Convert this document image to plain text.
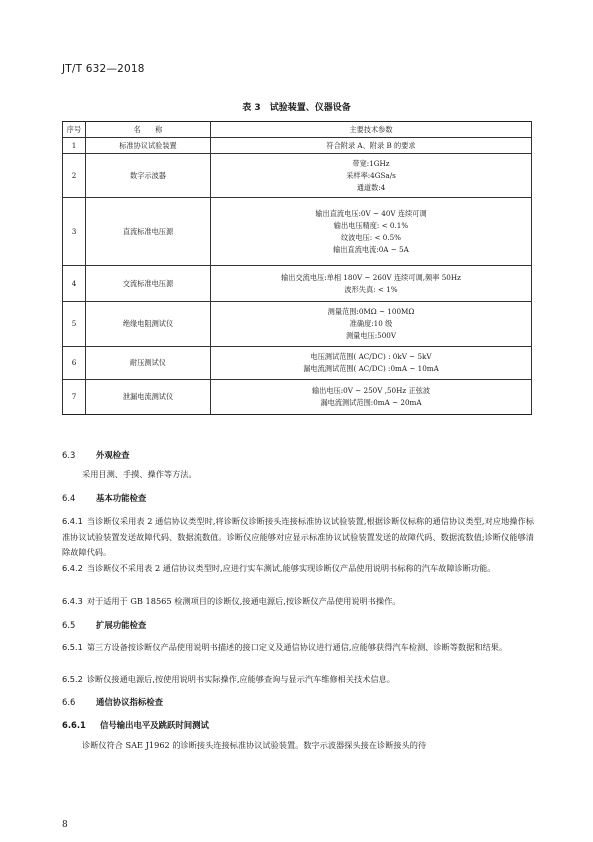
JT/T 632—2018
表 3　试验装置、仪器设备
序号	名　　称	主要技术参数
1	标准协议试验装置	符合附录 A、附录 B 的要求

2	数字示波器	带宽:1GHz
采样率:4GSa/s
通道数:4

3	直流标准电压源	输出直流电压:0V ~ 40V 连续可调
输出电压精度: < 0.1%
纹波电压: < 0.5%
输出直流电流:0A ~ 5A

4	交流标准电压源	输出交流电压:单相 180V ~ 260V 连续可调,频率 50Hz
波形失真: < 1%

5	绝缘电阻测试仪	测量范围:0MΩ ~ 100MΩ
准确度:10 级
测量电压:500V

6	耐压测试仪	电压测试范围( AC/DC) : 0kV ~ 5kV
漏电流测试范围( AC/DC) :0mA ~ 10mA

7	泄漏电流测试仪	输出电压:0V ~ 250V ,50Hz 正弦波
漏电流测试范围:0mA ~ 20mA
6.3 外观检查
采用目测、手摸、操作等方法。
6.4 基本功能检查
6.4.1 当诊断仪采用表 2 通信协议类型时,将诊断仪诊断接头连接标准协议试验装置,根据诊断仪标称的通信协议类型,对应地操作标准协议试验装置发送故障代码、数据流数值。诊断仪应能够对应显示标准协议试验装置发送的故障代码、数据流数值;诊断仪能够清除故障代码。
6.4.2 当诊断仪不采用表 2 通信协议类型时,应进行实车测试,能够实现诊断仪产品使用说明书标称的汽车故障诊断功能。
6.4.3 对于适用于 GB 18565 检测项目的诊断仪,接通电源后,按诊断仪产品使用说明书操作。
6.5 扩展功能检查
6.5.1 第三方设备按诊断仪产品使用说明书描述的接口定义及通信协议进行通信,应能够获得汽车检测、诊断等数据和结果。
6.5.2 诊断仪接通电源后,按使用说明书实际操作,应能够查询与显示汽车维修相关技术信息。
6.6 通信协议指标检查
6.6.1 信号输出电平及跳跃时间测试
诊断仪符合 SAE J1962 的诊断接头连接标准协议试验装置。数字示波器探头接在诊断接头的待
8
